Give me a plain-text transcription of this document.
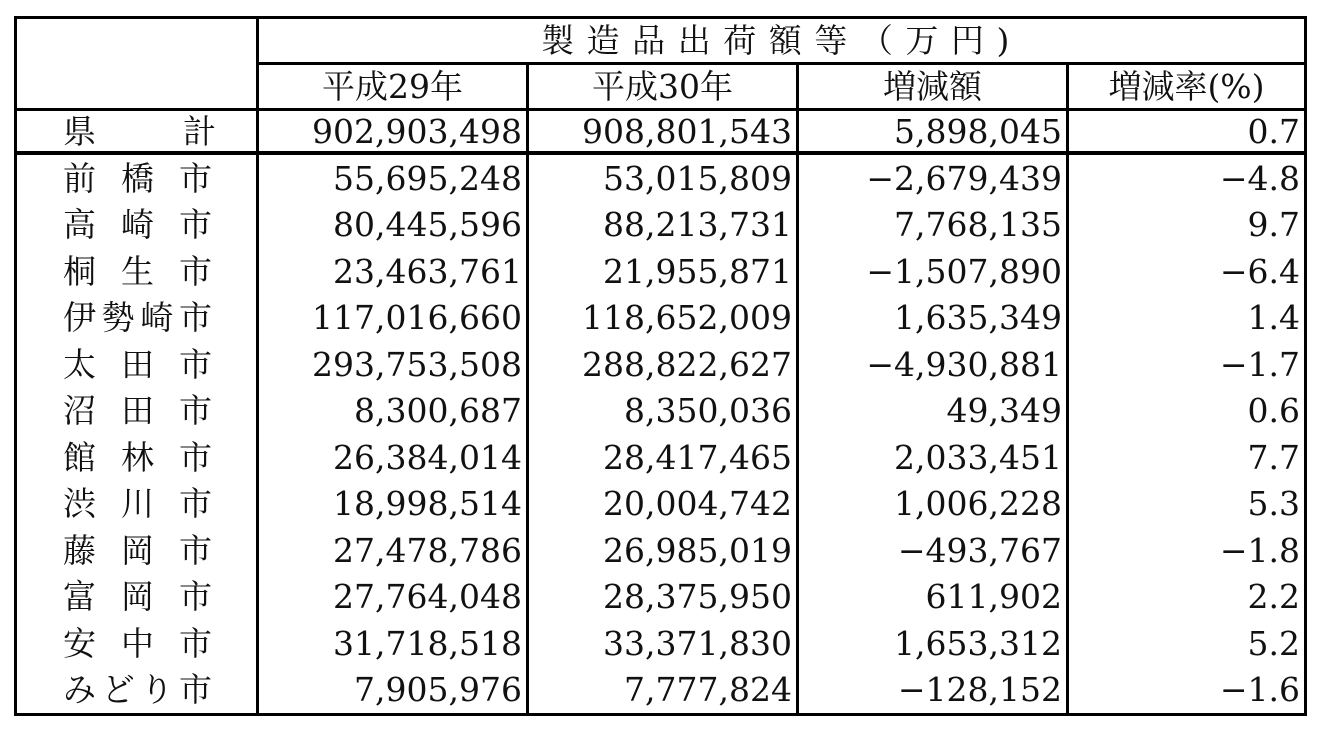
	製造品出荷額等（万円)			
	平成29年	平成30年	増減額	増減率(%)
県計	902,903,498	908,801,543	5,898,045	0.7
前橋市	55,695,248	53,015,809	−2,679,439	−4.8
高崎市	80,445,596	88,213,731	7,768,135	9.7
桐生市	23,463,761	21,955,871	−1,507,890	−6.4
伊勢崎市	117,016,660	118,652,009	1,635,349	1.4
太田市	293,753,508	288,822,627	−4,930,881	−1.7
沼田市	8,300,687	8,350,036	49,349	0.6
館林市	26,384,014	28,417,465	2,033,451	7.7
渋川市	18,998,514	20,004,742	1,006,228	5.3
藤岡市	27,478,786	26,985,019	−493,767	−1.8
富岡市	27,764,048	28,375,950	611,902	2.2
安中市	31,718,518	33,371,830	1,653,312	5.2
みどり市	7,905,976	7,777,824	−128,152	−1.6
